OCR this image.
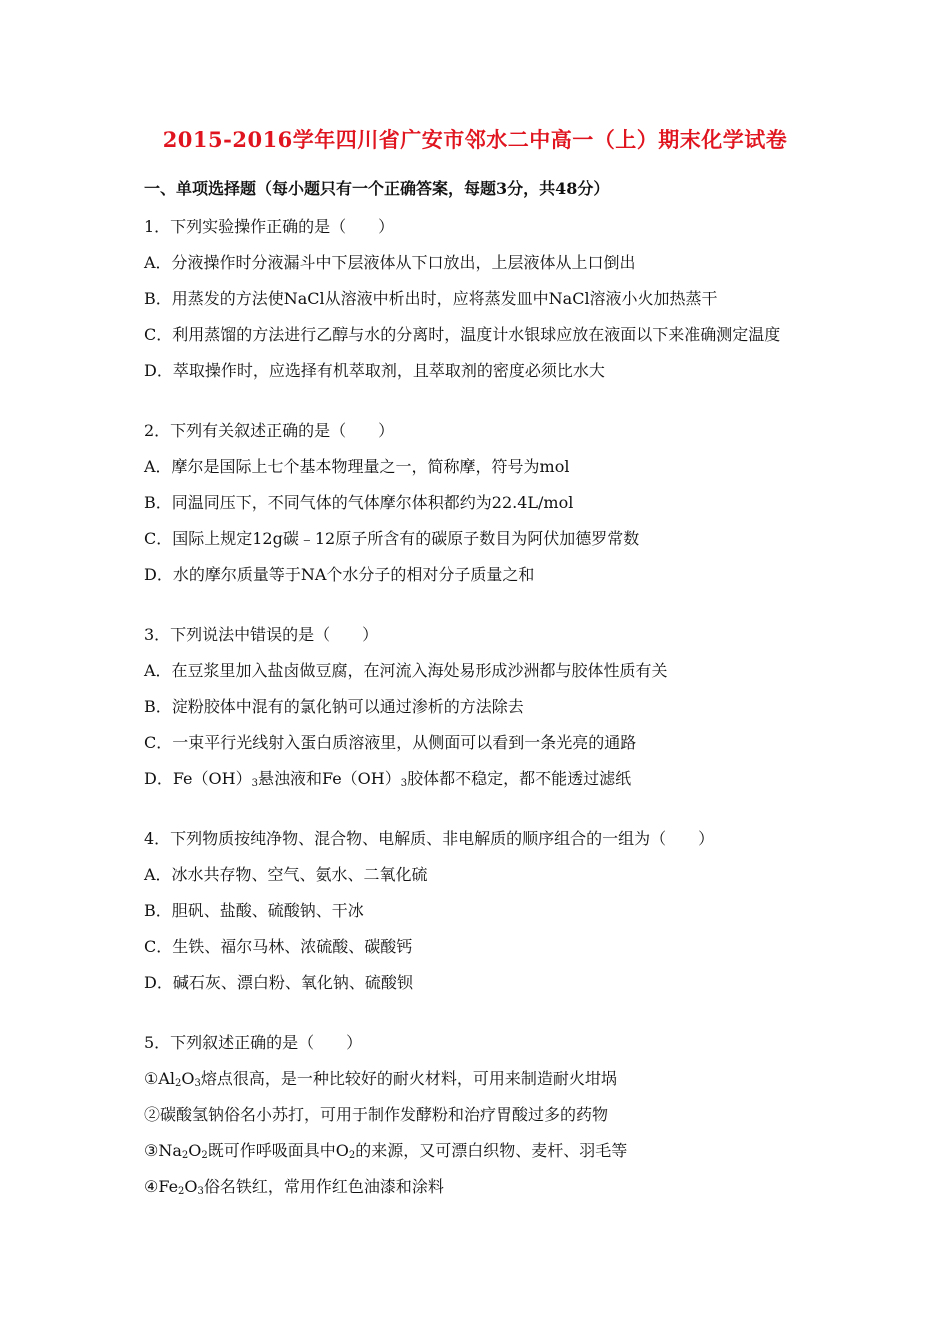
2015-2016学年四川省广安市邻水二中高一（上）期末化学试卷
一、单项选择题（每小题只有一个正确答案，每题3分，共48分）
1．下列实验操作正确的是（　　）
A．分液操作时分液漏斗中下层液体从下口放出，上层液体从上口倒出
B．用蒸发的方法使NaCl从溶液中析出时，应将蒸发皿中NaCl溶液小火加热蒸干
C．利用蒸馏的方法进行乙醇与水的分离时，温度计水银球应放在液面以下来准确测定温度
D．萃取操作时，应选择有机萃取剂，且萃取剂的密度必须比水大
2．下列有关叙述正确的是（　　）
A．摩尔是国际上七个基本物理量之一，简称摩，符号为mol
B．同温同压下，不同气体的气体摩尔体积都约为22.4L/mol
C．国际上规定12g碳﹣12原子所含有的碳原子数目为阿伏加德罗常数
D．水的摩尔质量等于NA个水分子的相对分子质量之和
3．下列说法中错误的是（　　）
A．在豆浆里加入盐卤做豆腐，在河流入海处易形成沙洲都与胶体性质有关
B．淀粉胶体中混有的氯化钠可以通过渗析的方法除去
C．一束平行光线射入蛋白质溶液里，从侧面可以看到一条光亮的通路
D．$Fe(OH)_3$悬浊液和$Fe(OH)_3$胶体都不稳定，都不能透过滤纸
4．下列物质按纯净物、混合物、电解质、非电解质的顺序组合的一组为（　　）
A．冰水共存物、空气、氨水、二氧化硫
B．胆矾、盐酸、硫酸钠、干冰
C．生铁、福尔马林、浓硫酸、碳酸钙
D．碱石灰、漂白粉、氧化钠、硫酸钡
5．下列叙述正确的是（　　）
$①Al_2O_3$熔点很高，是一种比较好的耐火材料，可用来制造耐火坩埚
②碳酸氢钠俗名小苏打，可用于制作发酵粉和治疗胃酸过多的药物
$③Na_2O_2$既可作呼吸面具中$O_2$的来源，又可漂白织物、麦杆、羽毛等
$④Fe_2O_3$俗名铁红，常用作红色油漆和涂料
